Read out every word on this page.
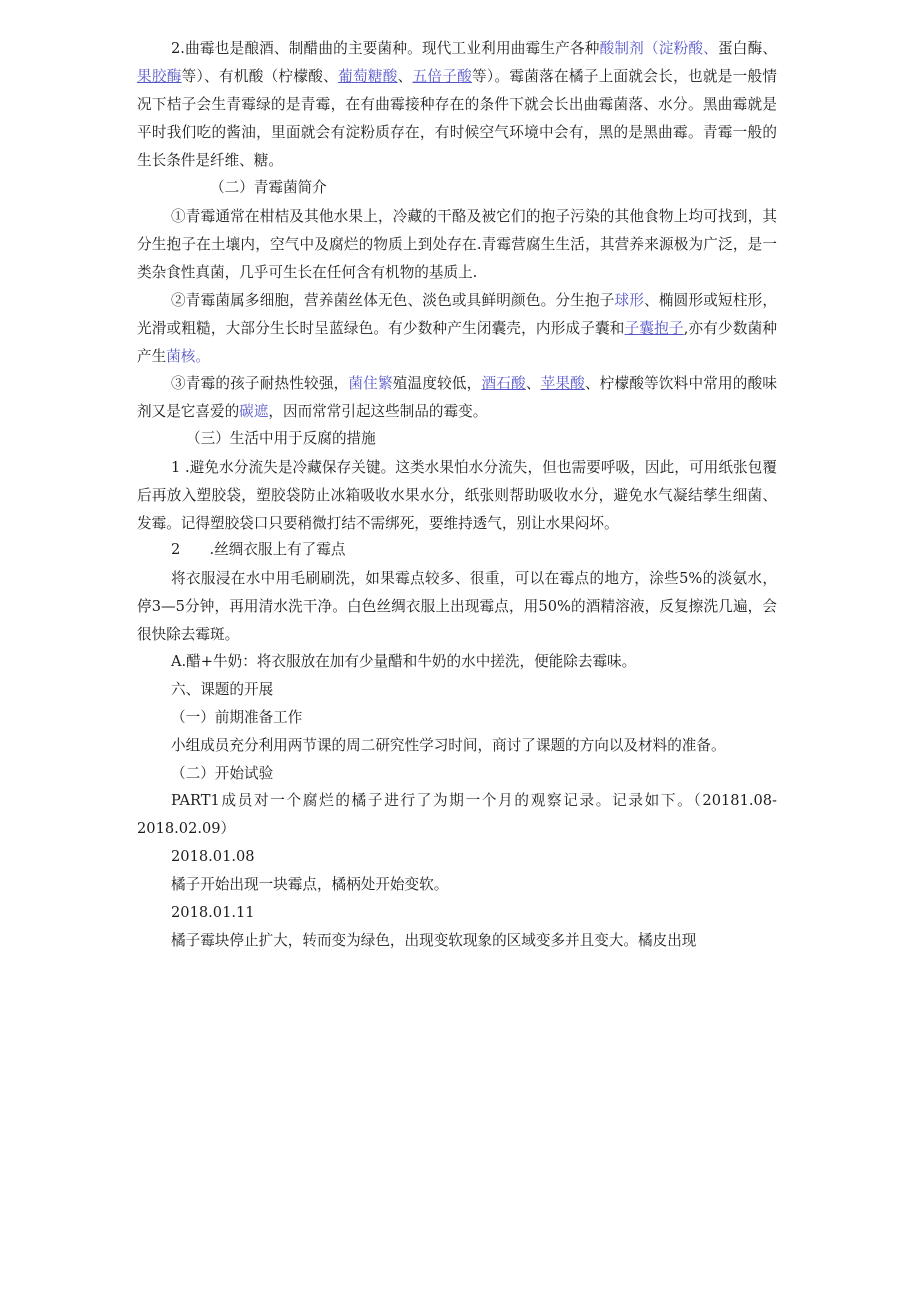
2.曲霉也是酿酒、制醋曲的主要菌种。现代工业利用曲霉生产各种酸制剂（淀粉酸、蛋白酶、果胶酶等）、有机酸（柠檬酸、葡萄糖酸、五倍子酸等）。霉菌落在橘子上面就会长，也就是一般情况下桔子会生青霉绿的是青霉，在有曲霉接种存在的条件下就会长出曲霉菌落、水分。黑曲霉就是平时我们吃的酱油，里面就会有淀粉质存在，有时候空气环境中会有，黑的是黑曲霉。青霉一般的生长条件是纤维、糖。
（二）青霉菌简介
①青霉通常在柑桔及其他水果上，冷藏的干酪及被它们的抱子污染的其他食物上均可找到，其分生抱子在土壤内，空气中及腐烂的物质上到处存在.青霉营腐生生活，其营养来源极为广泛，是一类杂食性真菌，几乎可生长在任何含有机物的基质上.
②青霉菌属多细胞，营养菌丝体无色、淡色或具鲜明颜色。分生抱子球形、椭圆形或短柱形，光滑或粗糙，大部分生长时呈蓝绿色。有少数种产生闭囊壳，内形成子囊和子囊抱子,亦有少数菌种产生菌核。
③青霉的孩子耐热性较强，菌住繁殖温度较低，酒石酸、苹果酸、柠檬酸等饮料中常用的酸味剂又是它喜爱的碳遮，因而常常引起这些制品的霉变。
（三）生活中用于反腐的措施
1 .避免水分流失是冷藏保存关键。这类水果怕水分流失，但也需要呼吸，因此，可用纸张包覆后再放入塑胶袋，塑胶袋防止冰箱吸收水果水分，纸张则帮助吸收水分，避免水气凝结孳生细菌、发霉。记得塑胶袋口只要稍微打结不需绑死，要维持透气，别让水果闷坏。
2　　.丝绸衣服上有了霉点
将衣服浸在水中用毛刷刷洗，如果霉点较多、很重，可以在霉点的地方，涂些5%的淡氨水，停3—5分钟，再用清水洗干净。白色丝绸衣服上出现霉点，用50%的酒精溶液，反复擦洗几遍，会很快除去霉斑。
A.醋+牛奶：将衣服放在加有少量醋和牛奶的水中搓洗，便能除去霉味。
六、课题的开展
（一）前期准备工作
小组成员充分利用两节课的周二研究性学习时间，商讨了课题的方向以及材料的准备。
（二）开始试验
PART1成员对一个腐烂的橘子进行了为期一个月的观察记录。记录如下。（20181.08-2018.02.09）
2018.01.08
橘子开始出现一块霉点，橘柄处开始变软。
2018.01.11
橘子霉块停止扩大，转而变为绿色，出现变软现象的区域变多并且变大。橘皮出现
